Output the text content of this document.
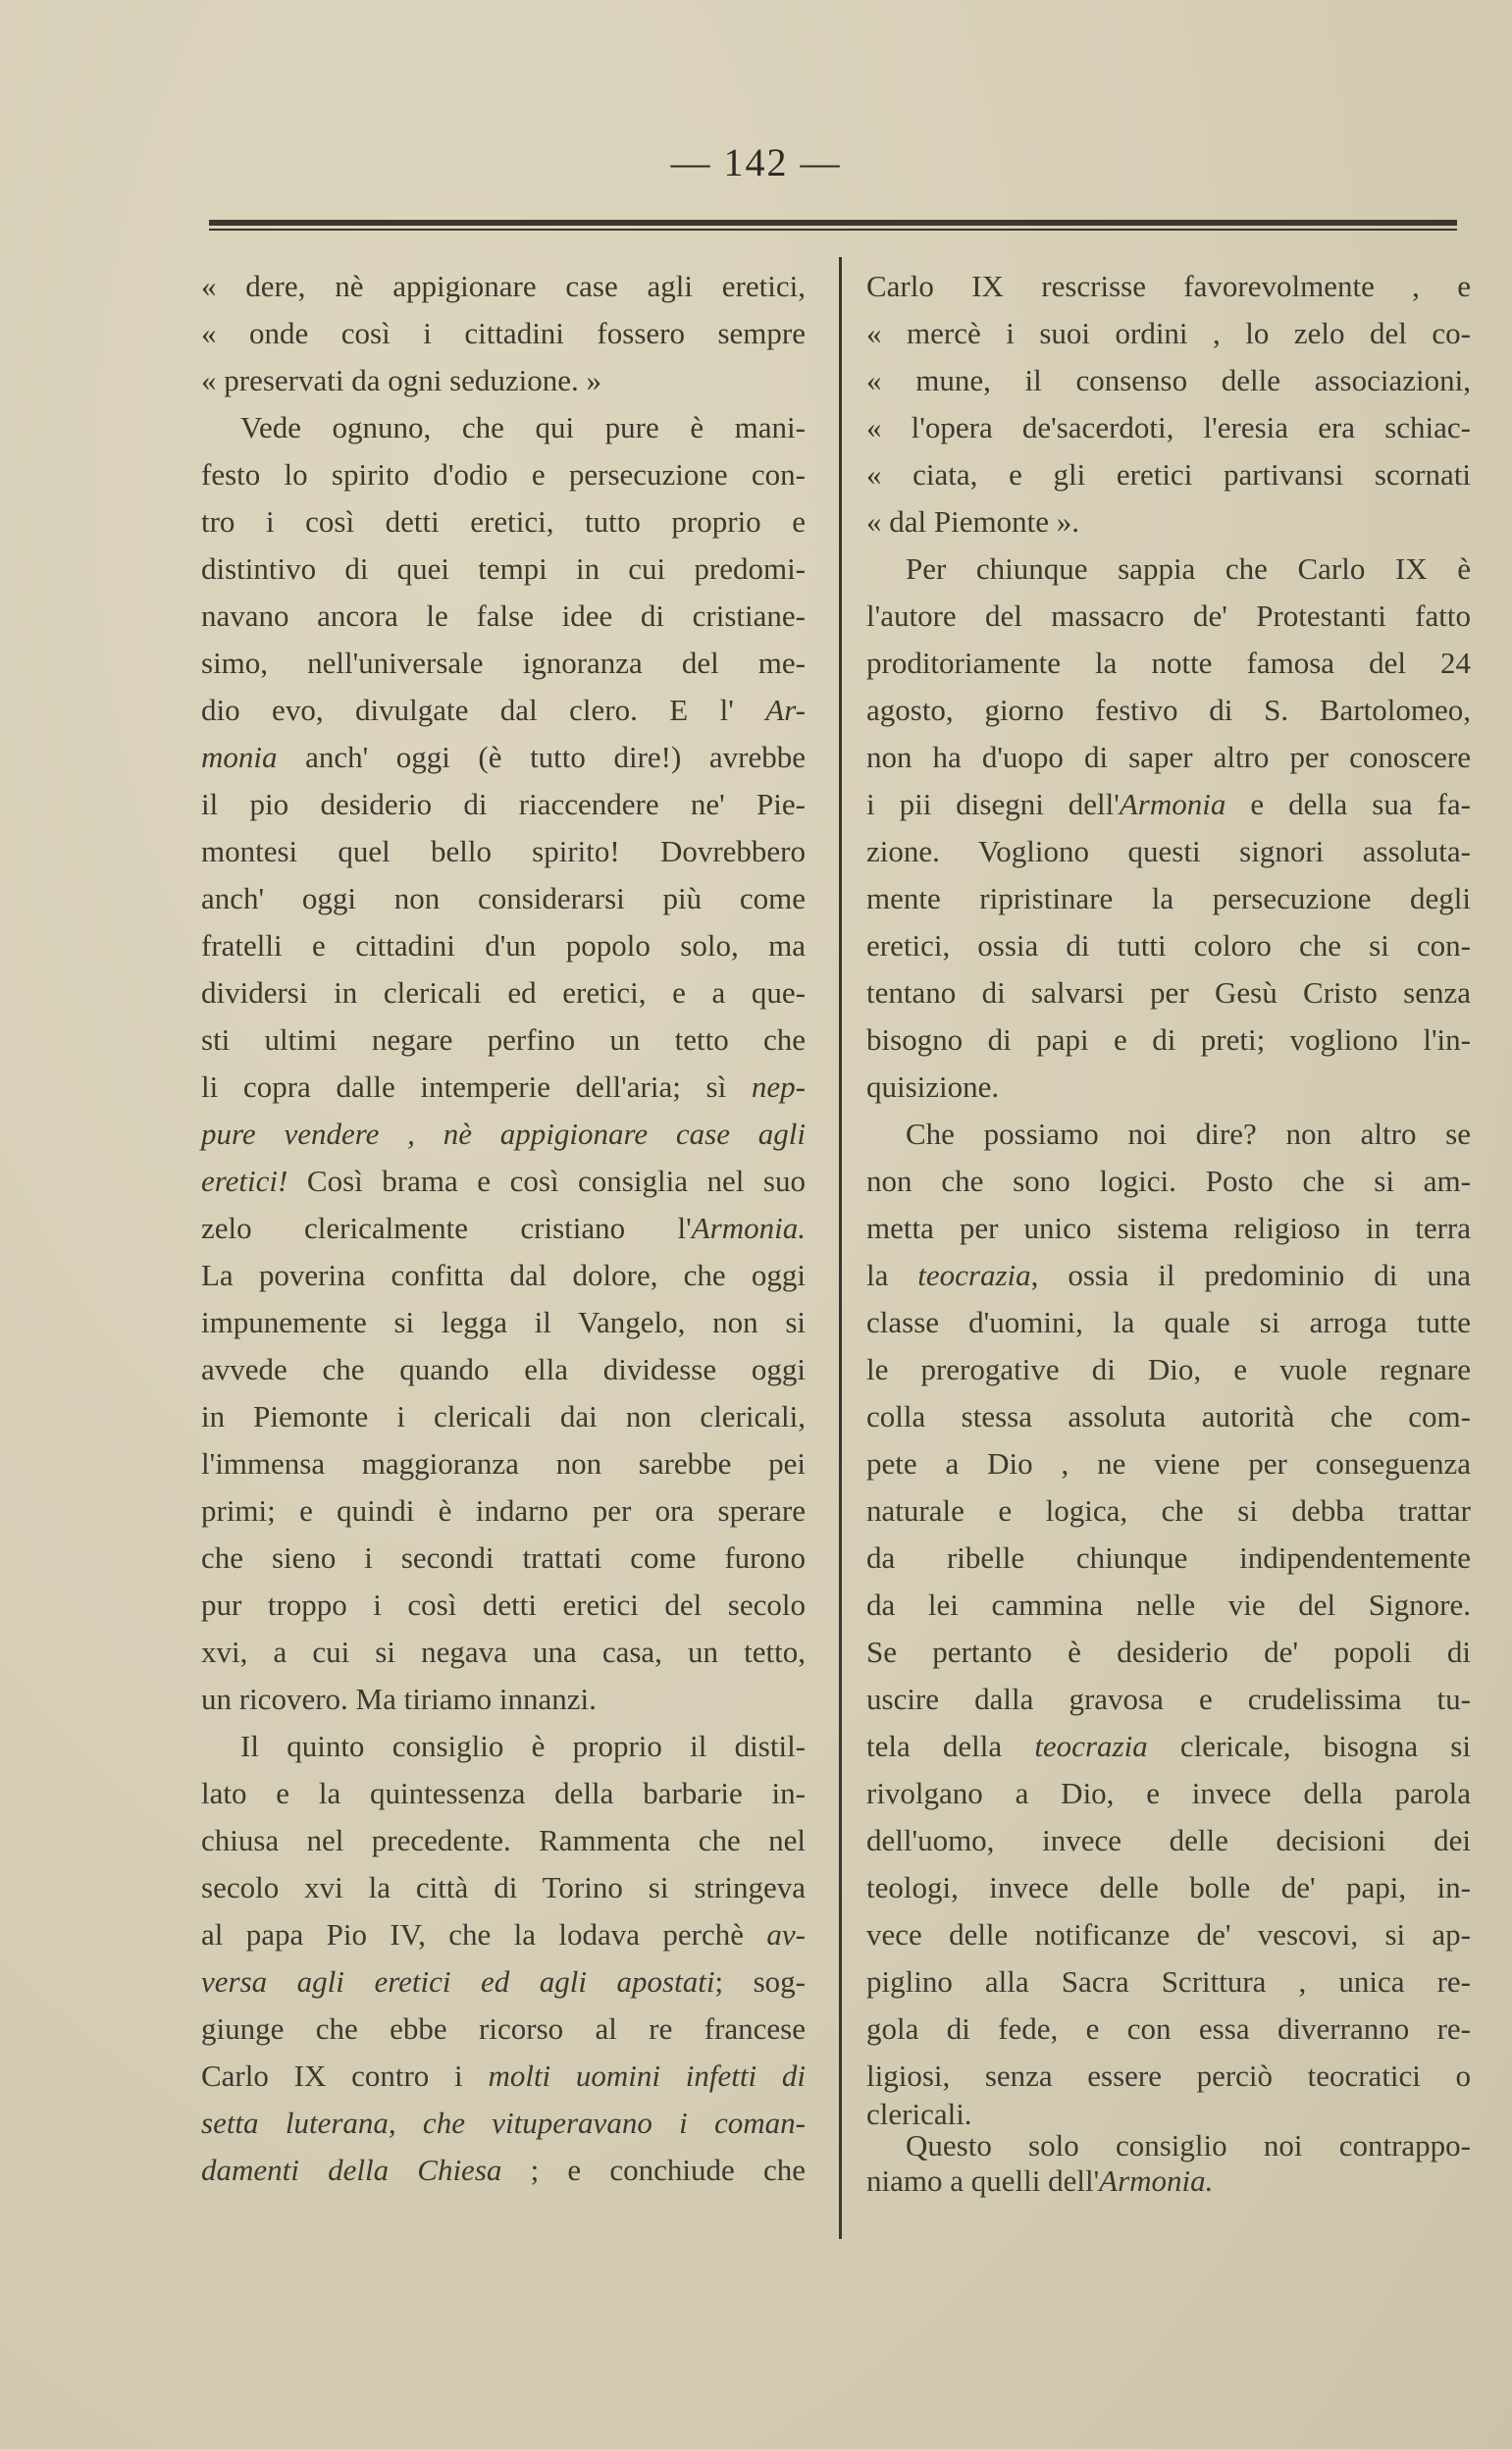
— 142 —
« dere, nè appigionare case agli eretici,
« onde così i cittadini fossero sempre
« preservati da ogni seduzione. »
Vede ognuno, che qui pure è mani-
festo lo spirito d'odio e persecuzione con-
tro i così detti eretici, tutto proprio e
distintivo di quei tempi in cui predomi-
navano ancora le false idee di cristiane-
simo, nell'universale ignoranza del me-
dio evo, divulgate dal clero. E l' Ar-
monia anch' oggi (è tutto dire!) avrebbe
il pio desiderio di riaccendere ne' Pie-
montesi quel bello spirito! Dovrebbero
anch' oggi non considerarsi più come
fratelli e cittadini d'un popolo solo, ma
dividersi in clericali ed eretici, e a que-
sti ultimi negare perfino un tetto che
li copra dalle intemperie dell'aria; sì nep-
pure vendere , nè appigionare case agli
eretici! Così brama e così consiglia nel suo
zelo clericalmente cristiano l'Armonia.
La poverina confitta dal dolore, che oggi
impunemente si legga il Vangelo, non si
avvede che quando ella dividesse oggi
in Piemonte i clericali dai non clericali,
l'immensa maggioranza non sarebbe pei
primi; e quindi è indarno per ora sperare
che sieno i secondi trattati come furono
pur troppo i così detti eretici del secolo
xvi, a cui si negava una casa, un tetto,
un ricovero. Ma tiriamo innanzi.
Il quinto consiglio è proprio il distil-
lato e la quintessenza della barbarie in-
chiusa nel precedente. Rammenta che nel
secolo xvi la città di Torino si stringeva
al papa Pio IV, che la lodava perchè av-
versa agli eretici ed agli apostati; sog-
giunge che ebbe ricorso al re francese
Carlo IX contro i molti uomini infetti di
setta luterana, che vituperavano i coman-
damenti della Chiesa ; e conchiude che
Carlo IX rescrisse favorevolmente , e
« mercè i suoi ordini , lo zelo del co-
« mune, il consenso delle associazioni,
« l'opera de'sacerdoti, l'eresia era schiac-
« ciata, e gli eretici partivansi scornati
« dal Piemonte ».
Per chiunque sappia che Carlo IX è
l'autore del massacro de' Protestanti fatto
proditoriamente la notte famosa del 24
agosto, giorno festivo di S. Bartolomeo,
non ha d'uopo di saper altro per conoscere
i pii disegni dell'Armonia e della sua fa-
zione. Vogliono questi signori assoluta-
mente ripristinare la persecuzione degli
eretici, ossia di tutti coloro che si con-
tentano di salvarsi per Gesù Cristo senza
bisogno di papi e di preti; vogliono l'in-
quisizione.
Che possiamo noi dire? non altro se
non che sono logici. Posto che si am-
metta per unico sistema religioso in terra
la teocrazia, ossia il predominio di una
classe d'uomini, la quale si arroga tutte
le prerogative di Dio, e vuole regnare
colla stessa assoluta autorità che com-
pete a Dio , ne viene per conseguenza
naturale e logica, che si debba trattar
da ribelle chiunque indipendentemente
da lei cammina nelle vie del Signore.
Se pertanto è desiderio de' popoli di
uscire dalla gravosa e crudelissima tu-
tela della teocrazia clericale, bisogna si
rivolgano a Dio, e invece della parola
dell'uomo, invece delle decisioni dei
teologi, invece delle bolle de' papi, in-
vece delle notificanze de' vescovi, si ap-
piglino alla Sacra Scrittura , unica re-
gola di fede, e con essa diverranno re-
ligiosi, senza essere perciò teocratici o
clericali.
Questo solo consiglio noi contrappo-
niamo a quelli dell'Armonia.
